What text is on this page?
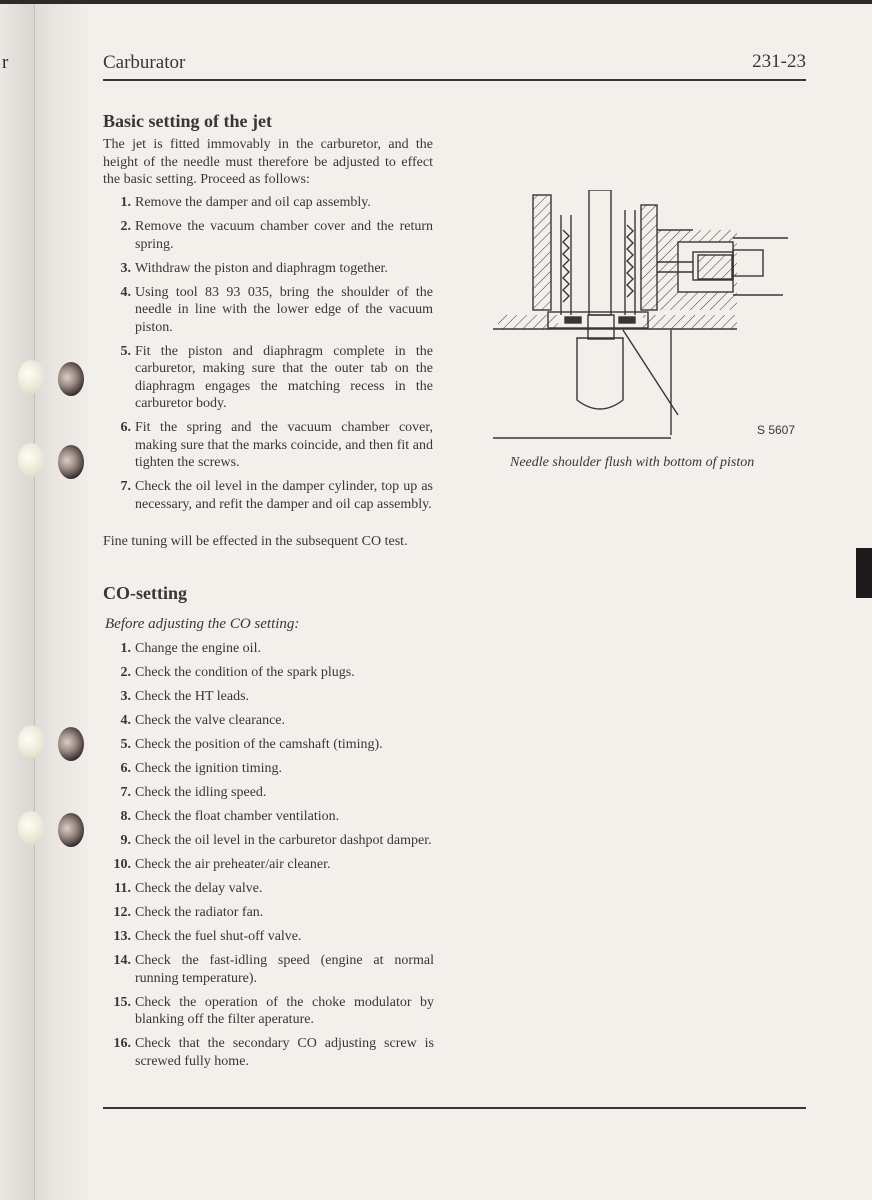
r	Carburator	231-23
Basic setting of the jet
The jet is fitted immovably in the carburetor, and the height of the needle must therefore be adjusted to effect the basic setting. Proceed as follows:
1. Remove the damper and oil cap assembly.
2. Remove the vacuum chamber cover and the return spring.
3. Withdraw the piston and diaphragm together.
4. Using tool 83 93 035, bring the shoulder of the needle in line with the lower edge of the vacuum piston.
5. Fit the piston and diaphragm complete in the carburetor, making sure that the outer tab on the diaphragm engages the matching recess in the carburetor body.
6. Fit the spring and the vacuum chamber cover, making sure that the marks coincide, and then fit and tighten the screws.
7. Check the oil level in the damper cylinder, top up as necessary, and refit the damper and oil cap assembly.
Fine tuning will be effected in the subsequent CO test.
CO-setting
Before adjusting the CO setting:
1. Change the engine oil.
2. Check the condition of the spark plugs.
3. Check the HT leads.
4. Check the valve clearance.
5. Check the position of the camshaft (timing).
6. Check the ignition timing.
7. Check the idling speed.
8. Check the float chamber ventilation.
9. Check the oil level in the carburetor dashpot damper.
10. Check the air preheater/air cleaner.
11. Check the delay valve.
12. Check the radiator fan.
13. Check the fuel shut-off valve.
14. Check the fast-idling speed (engine at normal running temperature).
15. Check the operation of the choke modulator by blanking off the filter aperature.
16. Check that the secondary CO adjusting screw is screwed fully home.
S 5607
Needle shoulder flush with bottom of piston
